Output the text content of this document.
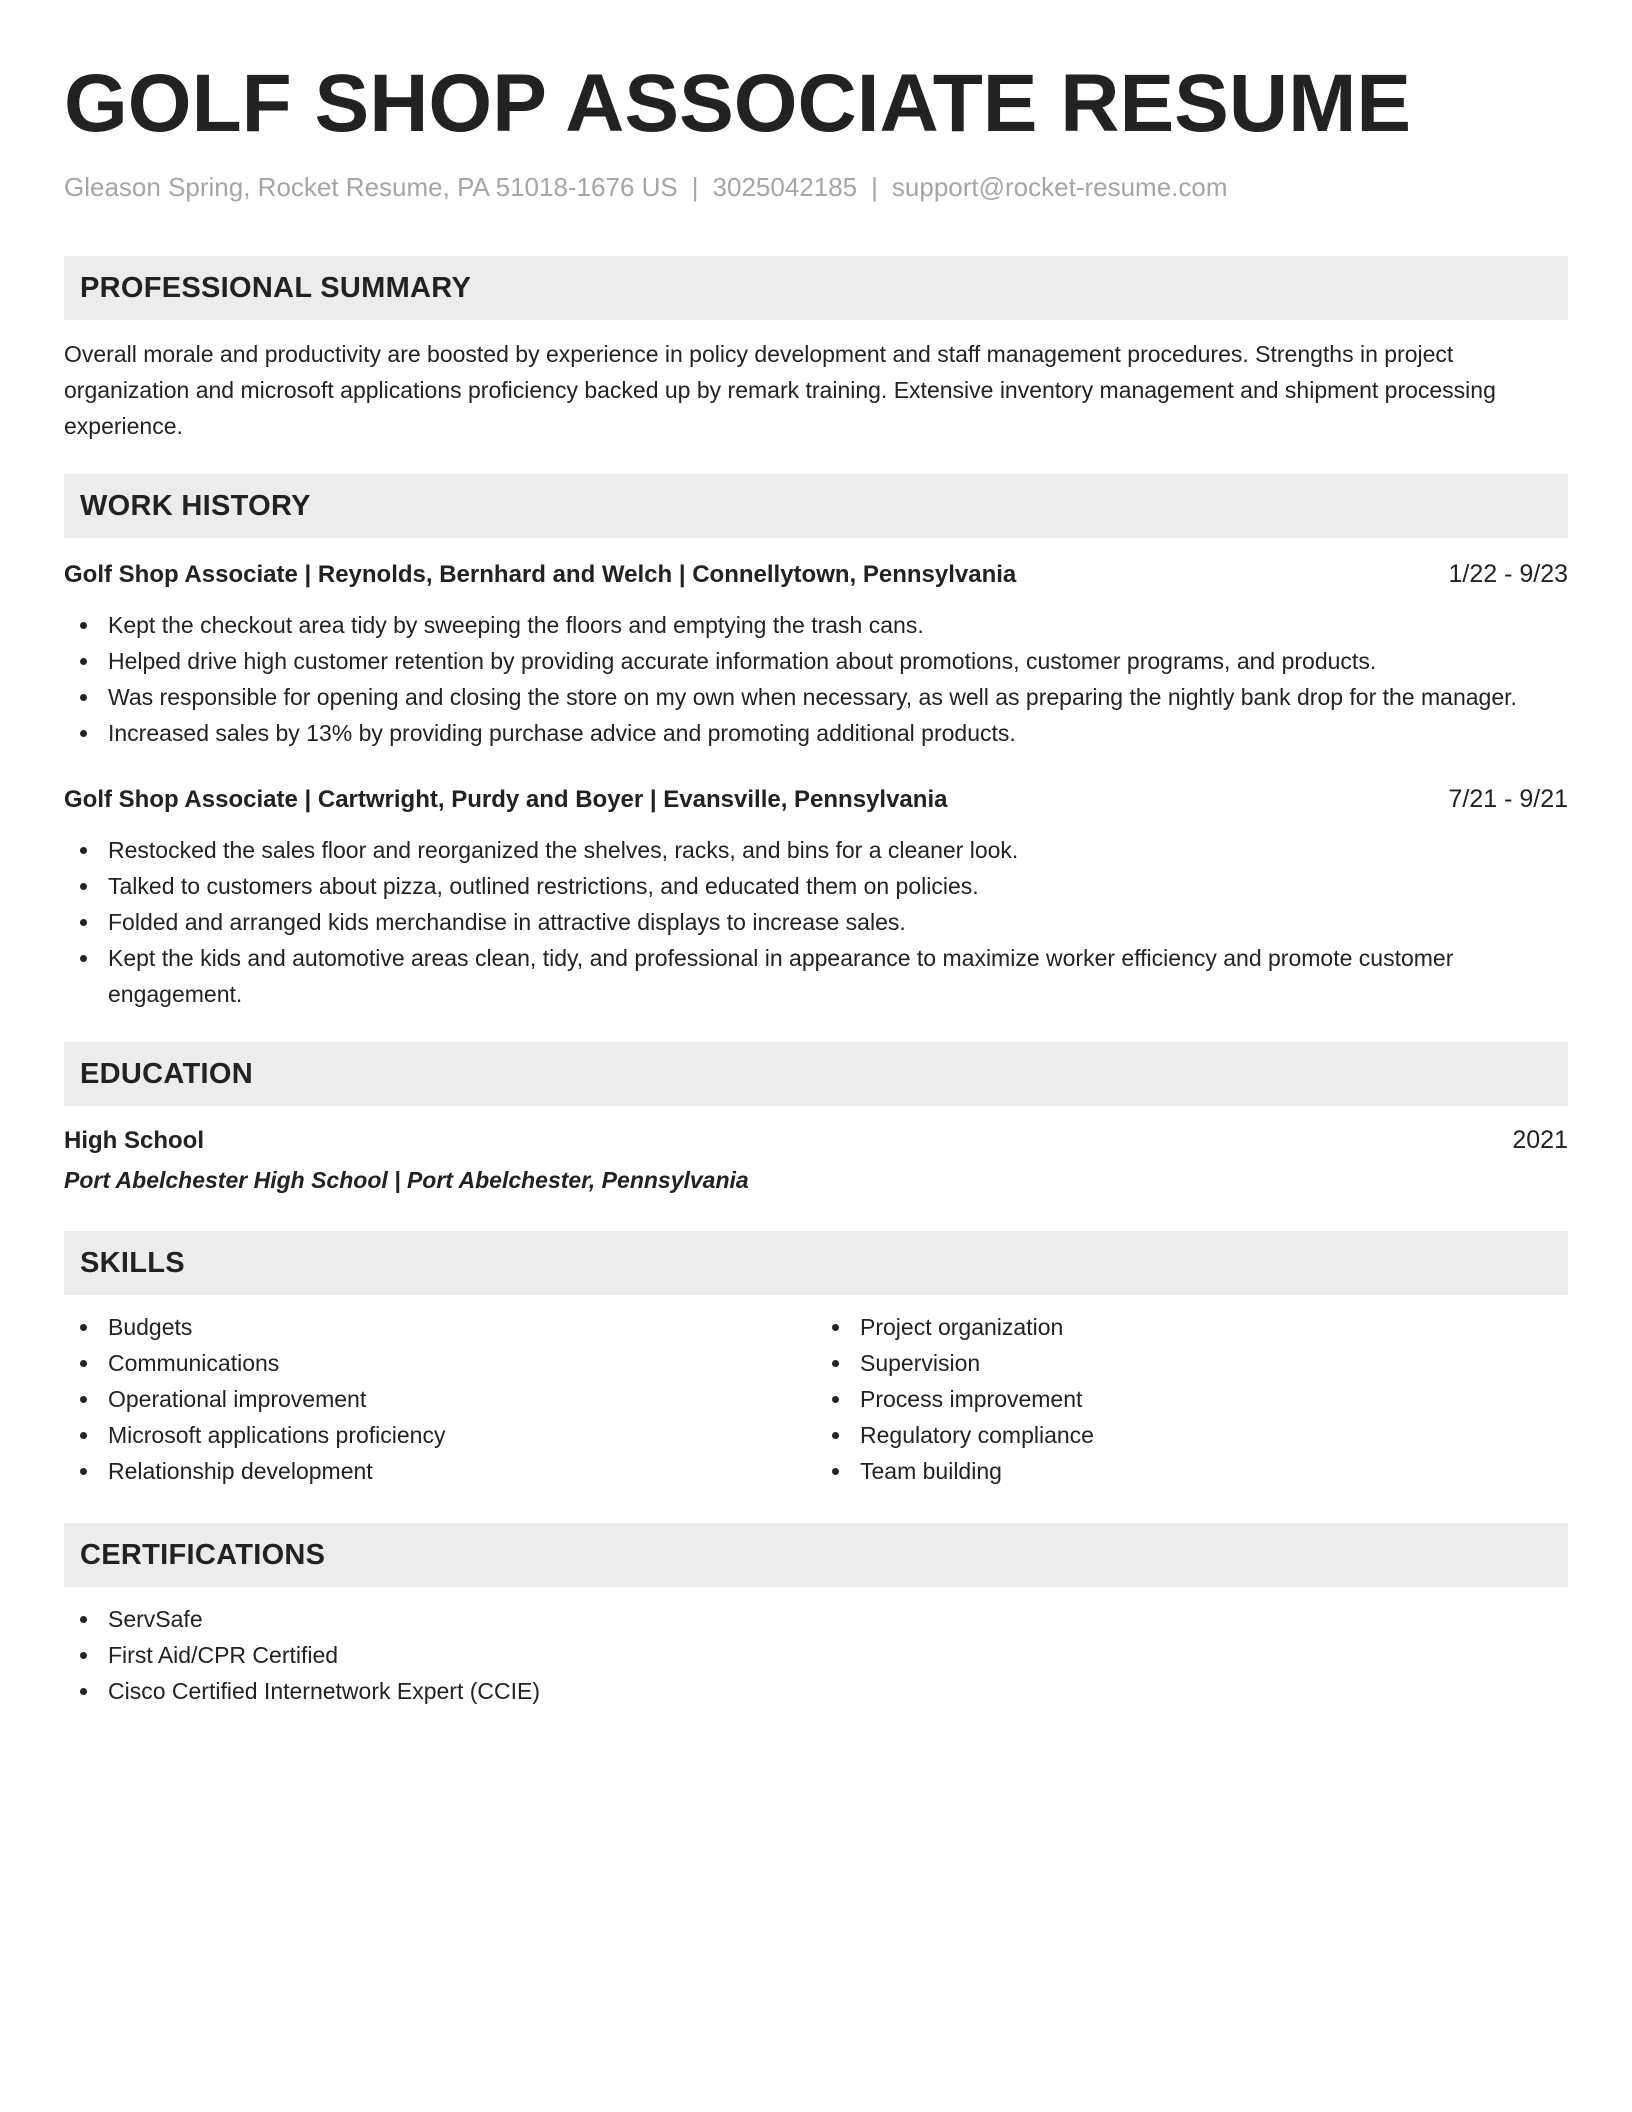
GOLF SHOP ASSOCIATE RESUME
Gleason Spring, Rocket Resume, PA 51018-1676 US | 3025042185 | support@rocket-resume.com
PROFESSIONAL SUMMARY
Overall morale and productivity are boosted by experience in policy development and staff management procedures. Strengths in project organization and microsoft applications proficiency backed up by remark training. Extensive inventory management and shipment processing experience.
WORK HISTORY
Golf Shop Associate | Reynolds, Bernhard and Welch | Connellytown, Pennsylvania	1/22 - 9/23
Kept the checkout area tidy by sweeping the floors and emptying the trash cans.
Helped drive high customer retention by providing accurate information about promotions, customer programs, and products.
Was responsible for opening and closing the store on my own when necessary, as well as preparing the nightly bank drop for the manager.
Increased sales by 13% by providing purchase advice and promoting additional products.
Golf Shop Associate | Cartwright, Purdy and Boyer | Evansville, Pennsylvania	7/21 - 9/21
Restocked the sales floor and reorganized the shelves, racks, and bins for a cleaner look.
Talked to customers about pizza, outlined restrictions, and educated them on policies.
Folded and arranged kids merchandise in attractive displays to increase sales.
Kept the kids and automotive areas clean, tidy, and professional in appearance to maximize worker efficiency and promote customer engagement.
EDUCATION
High School	2021
Port Abelchester High School | Port Abelchester, Pennsylvania
SKILLS
Budgets
Communications
Operational improvement
Microsoft applications proficiency
Relationship development
Project organization
Supervision
Process improvement
Regulatory compliance
Team building
CERTIFICATIONS
ServSafe
First Aid/CPR Certified
Cisco Certified Internetwork Expert (CCIE)
